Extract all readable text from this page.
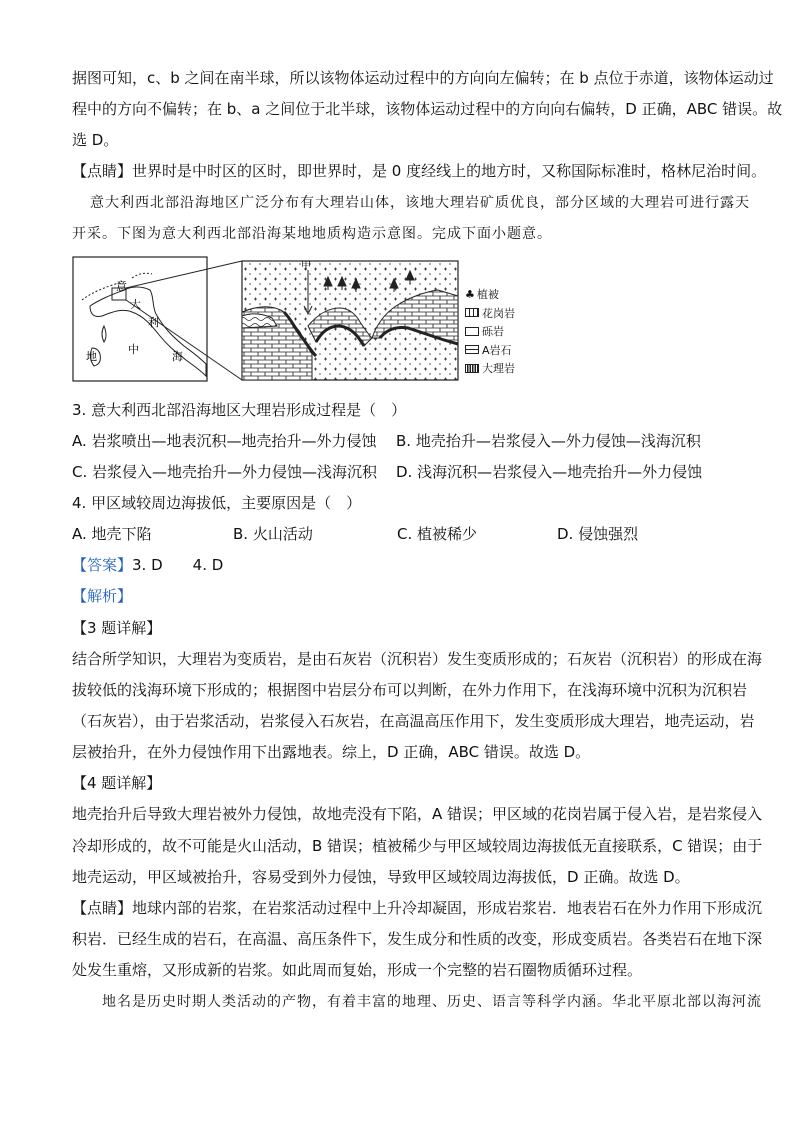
据图可知，c、b 之间在南半球，所以该物体运动过程中的方向向左偏转；在 b 点位于赤道，该物体运动过
程中的方向不偏转；在 b、a 之间位于北半球，该物体运动过程中的方向向右偏转，D 正确，ABC 错误。故
选 D。
【点睛】世界时是中时区的区时，即世界时，是 0 度经线上的地方时，又称国际标准时，格林尼治时间。
意大利西北部沿海地区广泛分布有大理岩山体，该地大理岩矿质优良，部分区域的大理岩可进行露天
开采。下图为意大利西北部沿海某地地质构造示意图。完成下面小题意。
意
大
利
地
中
海
甲
♣ 植被
花岗岩
砾岩
A岩石
大理岩
3. 意大利西北部沿海地区大理岩形成过程是（　）
A. 岩浆喷出—地表沉积—地壳抬升—外力侵蚀 B. 地壳抬升—岩浆侵入—外力侵蚀—浅海沉积
C. 岩浆侵入—地壳抬升—外力侵蚀—浅海沉积 D. 浅海沉积—岩浆侵入—地壳抬升—外力侵蚀
4. 甲区域较周边海拔低，主要原因是（　）
A. 地壳下陷	B. 火山活动	C. 植被稀少	D. 侵蚀强烈
【答案】3. D　　4. D
【解析】
【3 题详解】
结合所学知识，大理岩为变质岩，是由石灰岩（沉积岩）发生变质形成的；石灰岩（沉积岩）的形成在海
拔较低的浅海环境下形成的；根据图中岩层分布可以判断，在外力作用下，在浅海环境中沉积为沉积岩
（石灰岩），由于岩浆活动，岩浆侵入石灰岩，在高温高压作用下，发生变质形成大理岩，地壳运动，岩
层被抬升，在外力侵蚀作用下出露地表。综上，D 正确，ABC 错误。故选 D。
【4 题详解】
地壳抬升后导致大理岩被外力侵蚀，故地壳没有下陷，A 错误；甲区域的花岗岩属于侵入岩，是岩浆侵入
冷却形成的，故不可能是火山活动，B 错误；植被稀少与甲区域较周边海拔低无直接联系，C 错误；由于
地壳运动，甲区域被抬升，容易受到外力侵蚀，导致甲区域较周边海拔低，D 正确。故选 D。
【点睛】地球内部的岩浆，在岩浆活动过程中上升冷却凝固，形成岩浆岩．地表岩石在外力作用下形成沉
积岩．已经生成的岩石，在高温、高压条件下，发生成分和性质的改变，形成变质岩。各类岩石在地下深
处发生重熔，又形成新的岩浆。如此周而复始，形成一个完整的岩石圈物质循环过程。
地名是历史时期人类活动的产物，有着丰富的地理、历史、语言等科学内涵。华北平原北部以海河流
